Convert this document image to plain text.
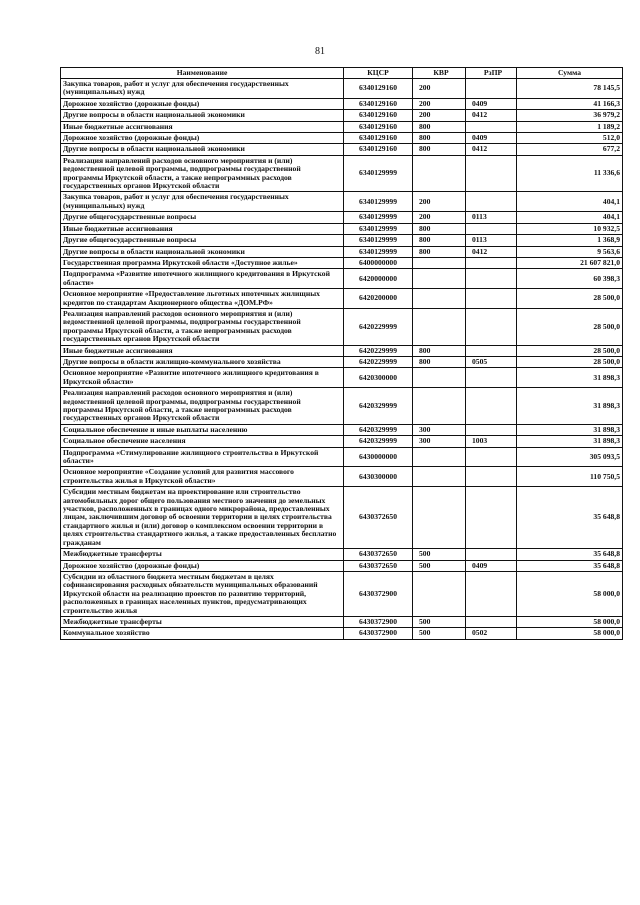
81
Наименование	КЦСР	КВР	РзПР	Сумма
Закупка товаров, работ и услуг для обеспечения государственных (муниципальных) нужд	6340129160	200		78 145,5
Дорожное хозяйство (дорожные фонды)	6340129160	200	0409	41 166,3
Другие вопросы в области национальной экономики	6340129160	200	0412	36 979,2
Иные бюджетные ассигнования	6340129160	800		1 189,2
Дорожное хозяйство (дорожные фонды)	6340129160	800	0409	512,0
Другие вопросы в области национальной экономики	6340129160	800	0412	677,2
Реализация направлений расходов основного мероприятия и (или) ведомственной целевой программы, подпрограммы государственной программы Иркутской области, а также непрограммных расходов государственных органов Иркутской области	6340129999			11 336,6
Закупка товаров, работ и услуг для обеспечения государственных (муниципальных) нужд	6340129999	200		404,1
Другие общегосударственные вопросы	6340129999	200	0113	404,1
Иные бюджетные ассигнования	6340129999	800		10 932,5
Другие общегосударственные вопросы	6340129999	800	0113	1 368,9
Другие вопросы в области национальной экономики	6340129999	800	0412	9 563,6
Государственная программа Иркутской области «Доступное жилье»	6400000000			21 607 821,0
Подпрограмма «Развитие ипотечного жилищного кредитования в Иркутской области»	6420000000			60 398,3
Основное мероприятие «Предоставление льготных ипотечных жилищных кредитов по стандартам Акционерного общества «ДОМ.РФ»	6420200000			28 500,0
Реализация направлений расходов основного мероприятия и (или) ведомственной целевой программы, подпрограммы государственной программы Иркутской области, а также непрограммных расходов государственных органов Иркутской области	6420229999			28 500,0
Иные бюджетные ассигнования	6420229999	800		28 500,0
Другие вопросы в области жилищно-коммунального хозяйства	6420229999	800	0505	28 500,0
Основное мероприятие «Развитие ипотечного жилищного кредитования в Иркутской области»	6420300000			31 898,3
Реализация направлений расходов основного мероприятия и (или) ведомственной целевой программы, подпрограммы государственной программы Иркутской области, а также непрограммных расходов государственных органов Иркутской области	6420329999			31 898,3
Социальное обеспечение и иные выплаты населению	6420329999	300		31 898,3
Социальное обеспечение населения	6420329999	300	1003	31 898,3
Подпрограмма «Стимулирование жилищного строительства в Иркутской области»	6430000000			305 093,5
Основное мероприятие «Создание условий для развития массового строительства жилья в Иркутской области»	6430300000			110 750,5
Субсидии местным бюджетам на проектирование или строительство автомобильных дорог общего пользования местного значения до земельных участков, расположенных в границах одного микрорайона, предоставленных лицам, заключившим договор об освоении территории в целях строительства стандартного жилья и (или) договор о комплексном освоении территории в целях строительства стандартного жилья, а также предоставленных бесплатно гражданам	6430372650			35 648,8
Межбюджетные трансферты	6430372650	500		35 648,8
Дорожное хозяйство (дорожные фонды)	6430372650	500	0409	35 648,8
Субсидии из областного бюджета местным бюджетам в целях софинансирования расходных обязательств муниципальных образований Иркутской области на реализацию проектов по развитию территорий, расположенных в границах населенных пунктов, предусматривающих строительство жилья	6430372900			58 000,0
Межбюджетные трансферты	6430372900	500		58 000,0
Коммунальное хозяйство	6430372900	500	0502	58 000,0
